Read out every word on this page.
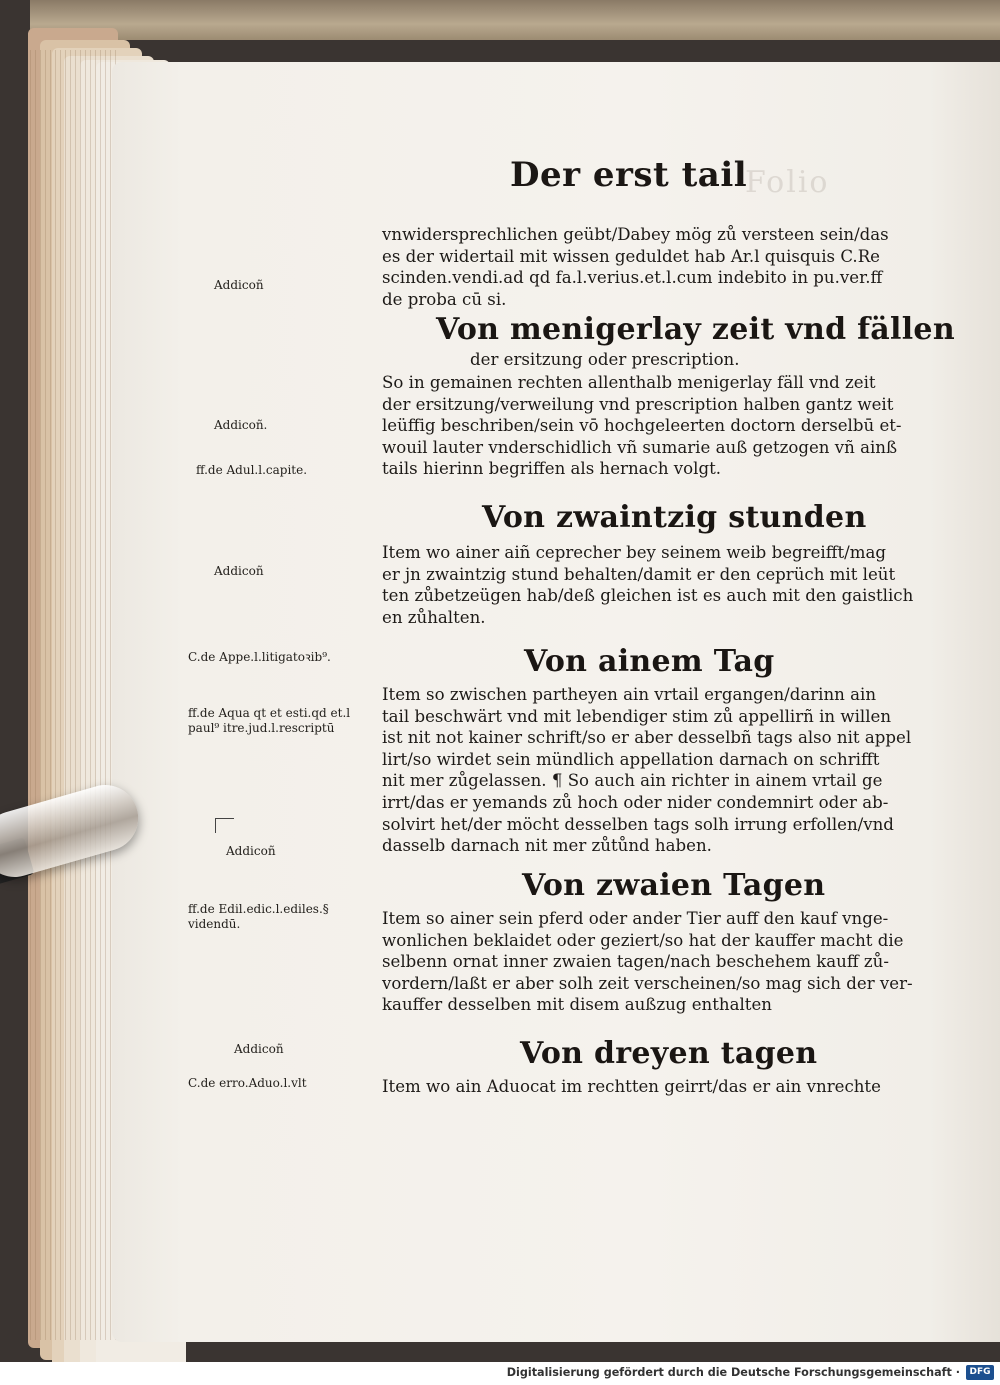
Folio
Der erst tail
vnwidersprechlichen geübt/Dabey mög zů versteen sein/das
es der widertail mit wissen geduldet hab Ar.l quisquis C.Re
scinden.vendi.ad qd fa.l.verius.et.l.cum indebito in pu.ver.ff
de proba cū si.
Von menigerlay zeit vnd fällen
der ersitzung oder prescription.
So in gemainen rechten allenthalb menigerlay fäll vnd zeit
der ersitzung/verweilung vnd prescription halben gantz weit
leüffig beschriben/sein vō hochgeleerten doctorn derselbū et-
wouil lauter vnderschidlich vñ sumarie auß getzogen vñ ainß
tails hierinn begriffen als hernach volgt.
Von zwaintzig stunden
Item wo ainer aiñ ceprecher bey seinem weib begreifft/mag
er jn zwaintzig stund behalten/damit er den ceprüch mit leüt
ten zůbetzeügen hab/deß gleichen ist es auch mit den gaistlich
en zůhalten.
Von ainem Tag
Item so zwischen partheyen ain vrtail ergangen/darinn ain
tail beschwärt vnd mit lebendiger stim zů appellirñ in willen
ist nit not kainer schrift/so er aber desselbñ tags also nit appel
lirt/so wirdet sein mündlich appellation darnach on schrifft
nit mer zůgelassen. ¶ So auch ain richter in ainem vrtail ge
irrt/das er yemands zů hoch oder nider condemnirt oder ab-
solvirt het/der möcht desselben tags solh irrung erfollen/vnd
dasselb darnach nit mer zůtůnd haben.
Von zwaien Tagen
Item so ainer sein pferd oder ander Tier auff den kauf vnge-
wonlichen beklaidet oder geziert/so hat der kauffer macht die
selbenn ornat inner zwaien tagen/nach beschehem kauff zů-
vordern/laßt er aber solh zeit verscheinen/so mag sich der ver-
kauffer desselben mit disem außzug enthalten
Von dreyen tagen
Item wo ain Aduocat im rechtten geirrt/das er ain vnrechte
Addicoñ
Addicoñ.
ff.de Adul.l.capite.
Addicoñ
C.de Appe.l.litigatoꝛib⁹.
ff.de Aqua qt et esti.qd et.l
paul⁹ itre.jud.l.rescriptū
Addicoñ
ff.de Edil.edic.l.ediles.§
videndū.
Addicoñ
C.de erro.Aduo.l.vlt
Digitalisierung gefördert durch die Deutsche Forschungsgemeinschaft ·	DFG
